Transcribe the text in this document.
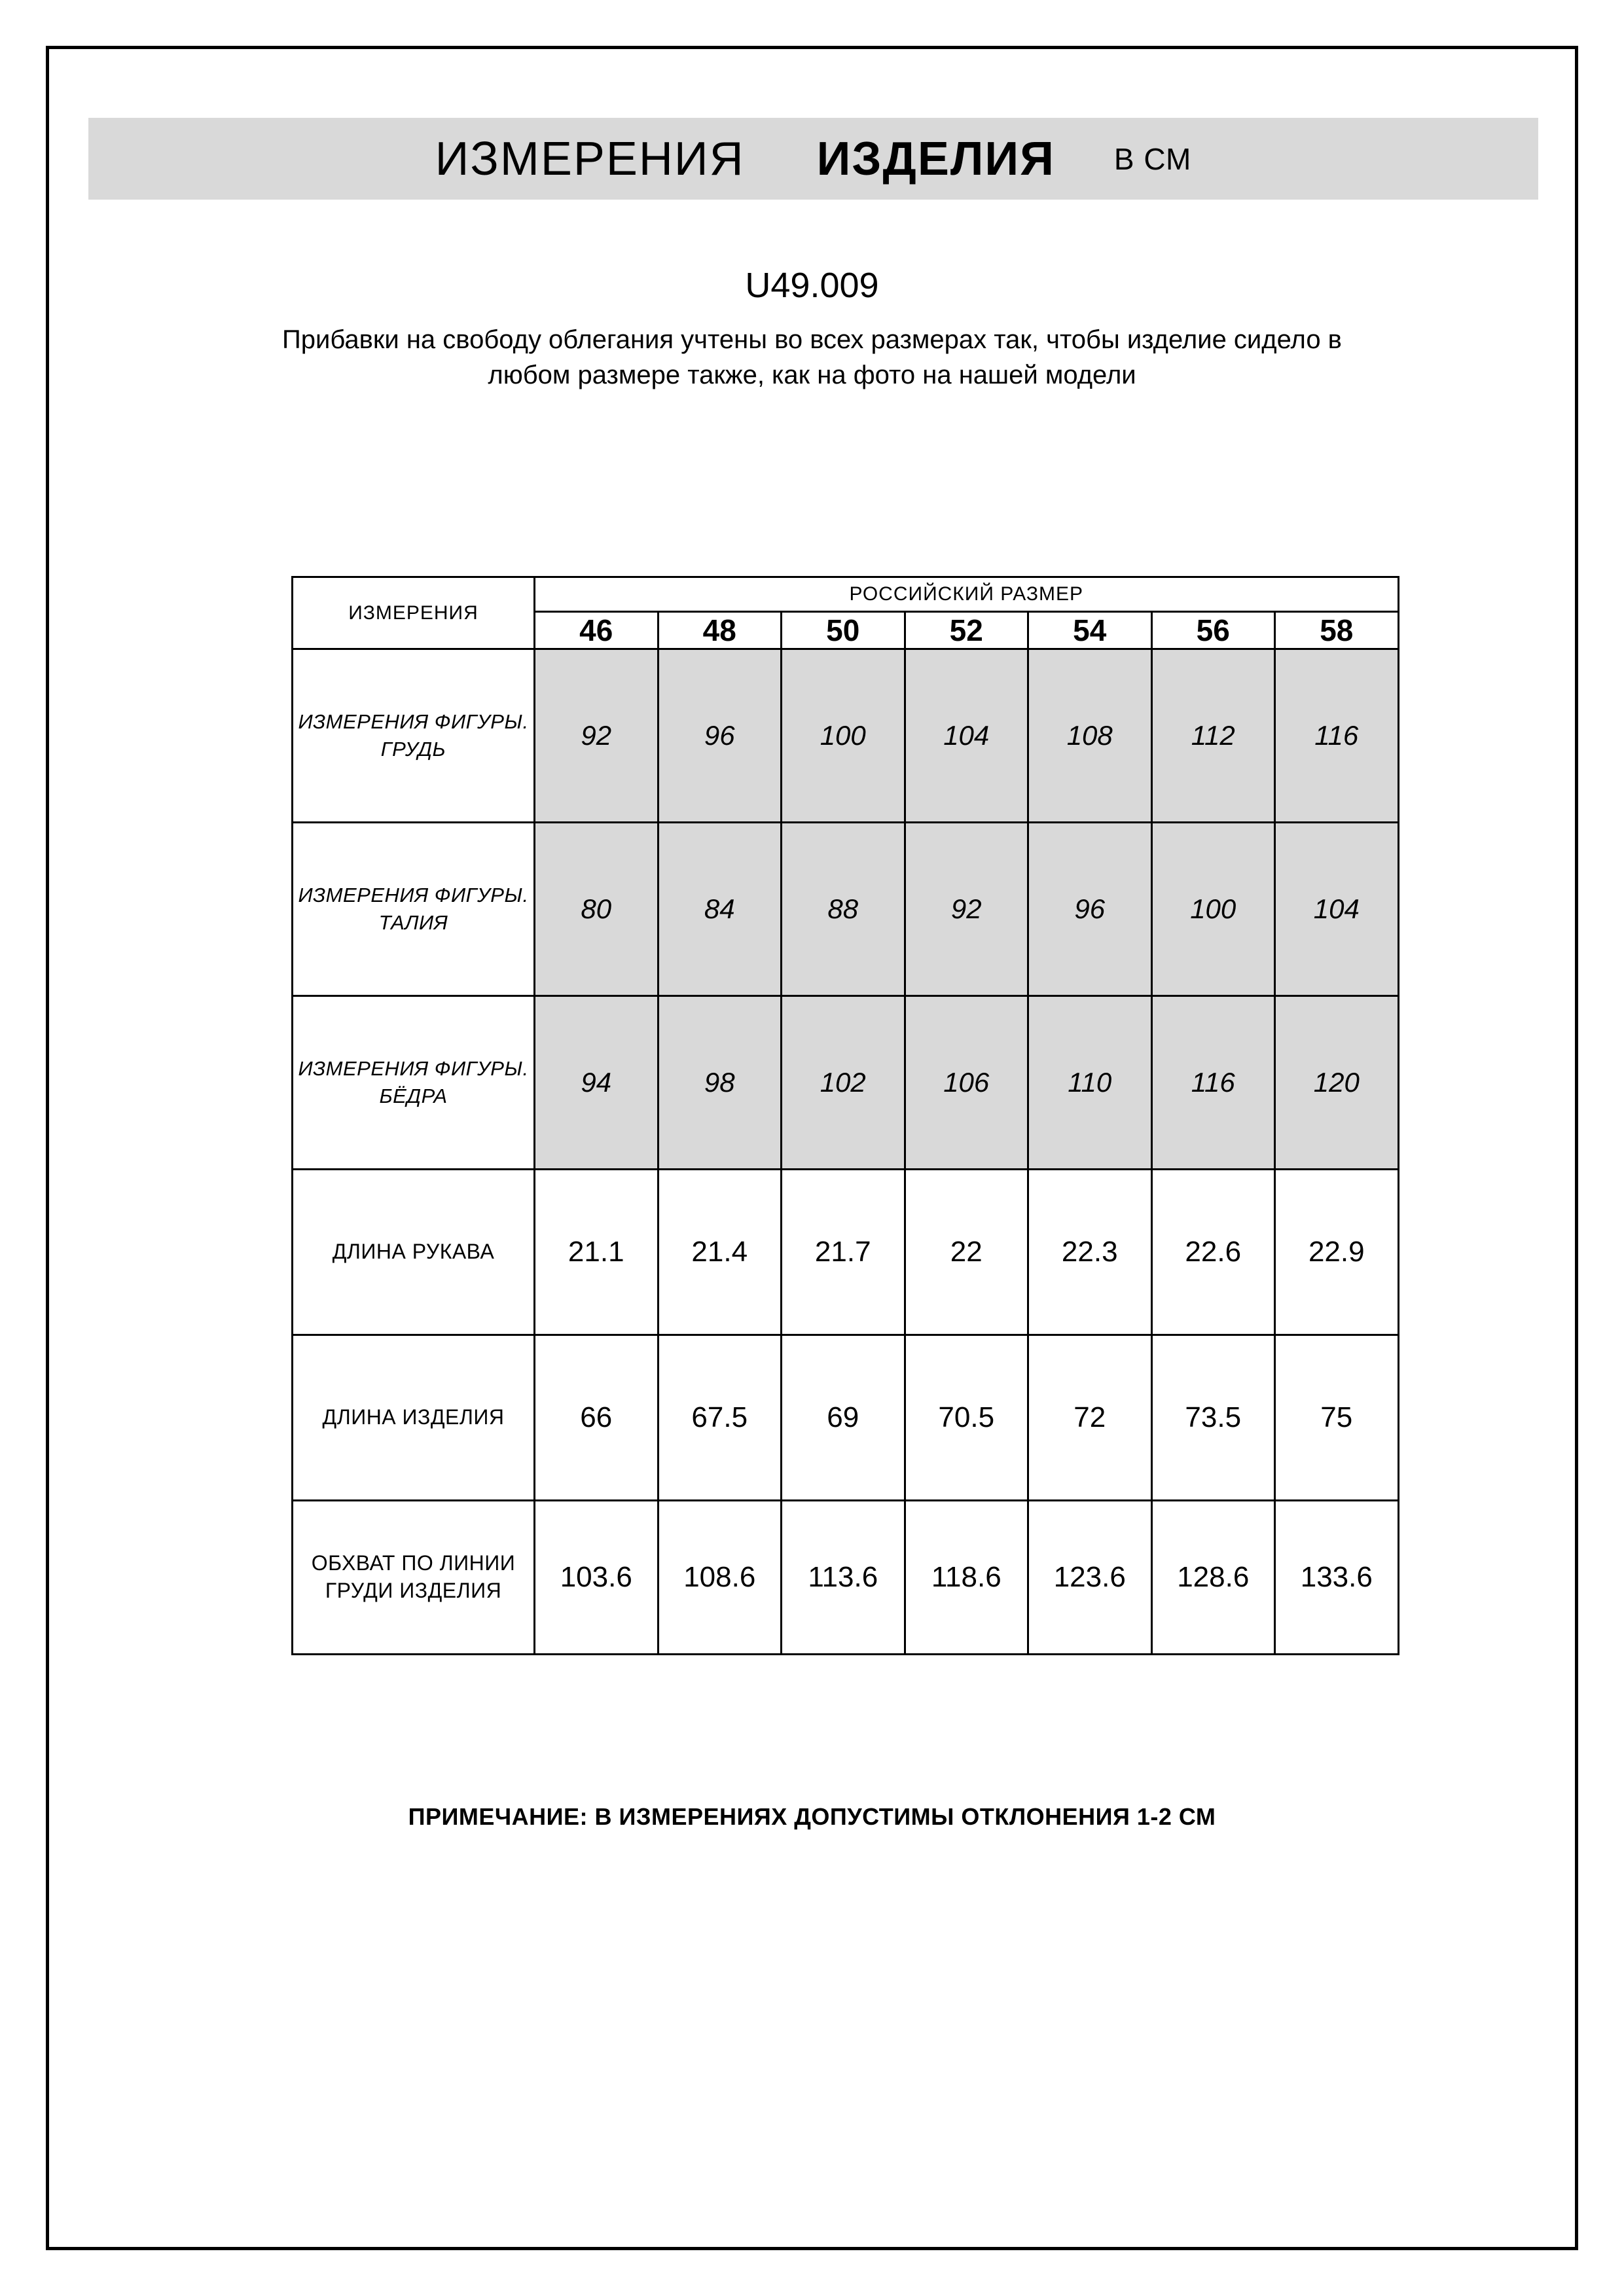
ИЗМЕРЕНИЯ ИЗДЕЛИЯ В СМ
U49.009
Прибавки на свободу облегания учтены во всех размерах так, чтобы изделие сидело в любом размере также, как на фото на нашей модели
ИЗМЕРЕНИЯ	РОССИЙСКИЙ РАЗМЕР						
	46	48	50	52	54	56	58
ИЗМЕРЕНИЯ ФИГУРЫ. ГРУДЬ	92	96	100	104	108	112	116
ИЗМЕРЕНИЯ ФИГУРЫ. ТАЛИЯ	80	84	88	92	96	100	104
ИЗМЕРЕНИЯ ФИГУРЫ. БЁДРА	94	98	102	106	110	116	120
ДЛИНА РУКАВА	21.1	21.4	21.7	22	22.3	22.6	22.9
ДЛИНА ИЗДЕЛИЯ	66	67.5	69	70.5	72	73.5	75
ОБХВАТ ПО ЛИНИИ ГРУДИ ИЗДЕЛИЯ	103.6	108.6	113.6	118.6	123.6	128.6	133.6
ПРИМЕЧАНИЕ: В ИЗМЕРЕНИЯХ ДОПУСТИМЫ ОТКЛОНЕНИЯ 1-2 СМ
